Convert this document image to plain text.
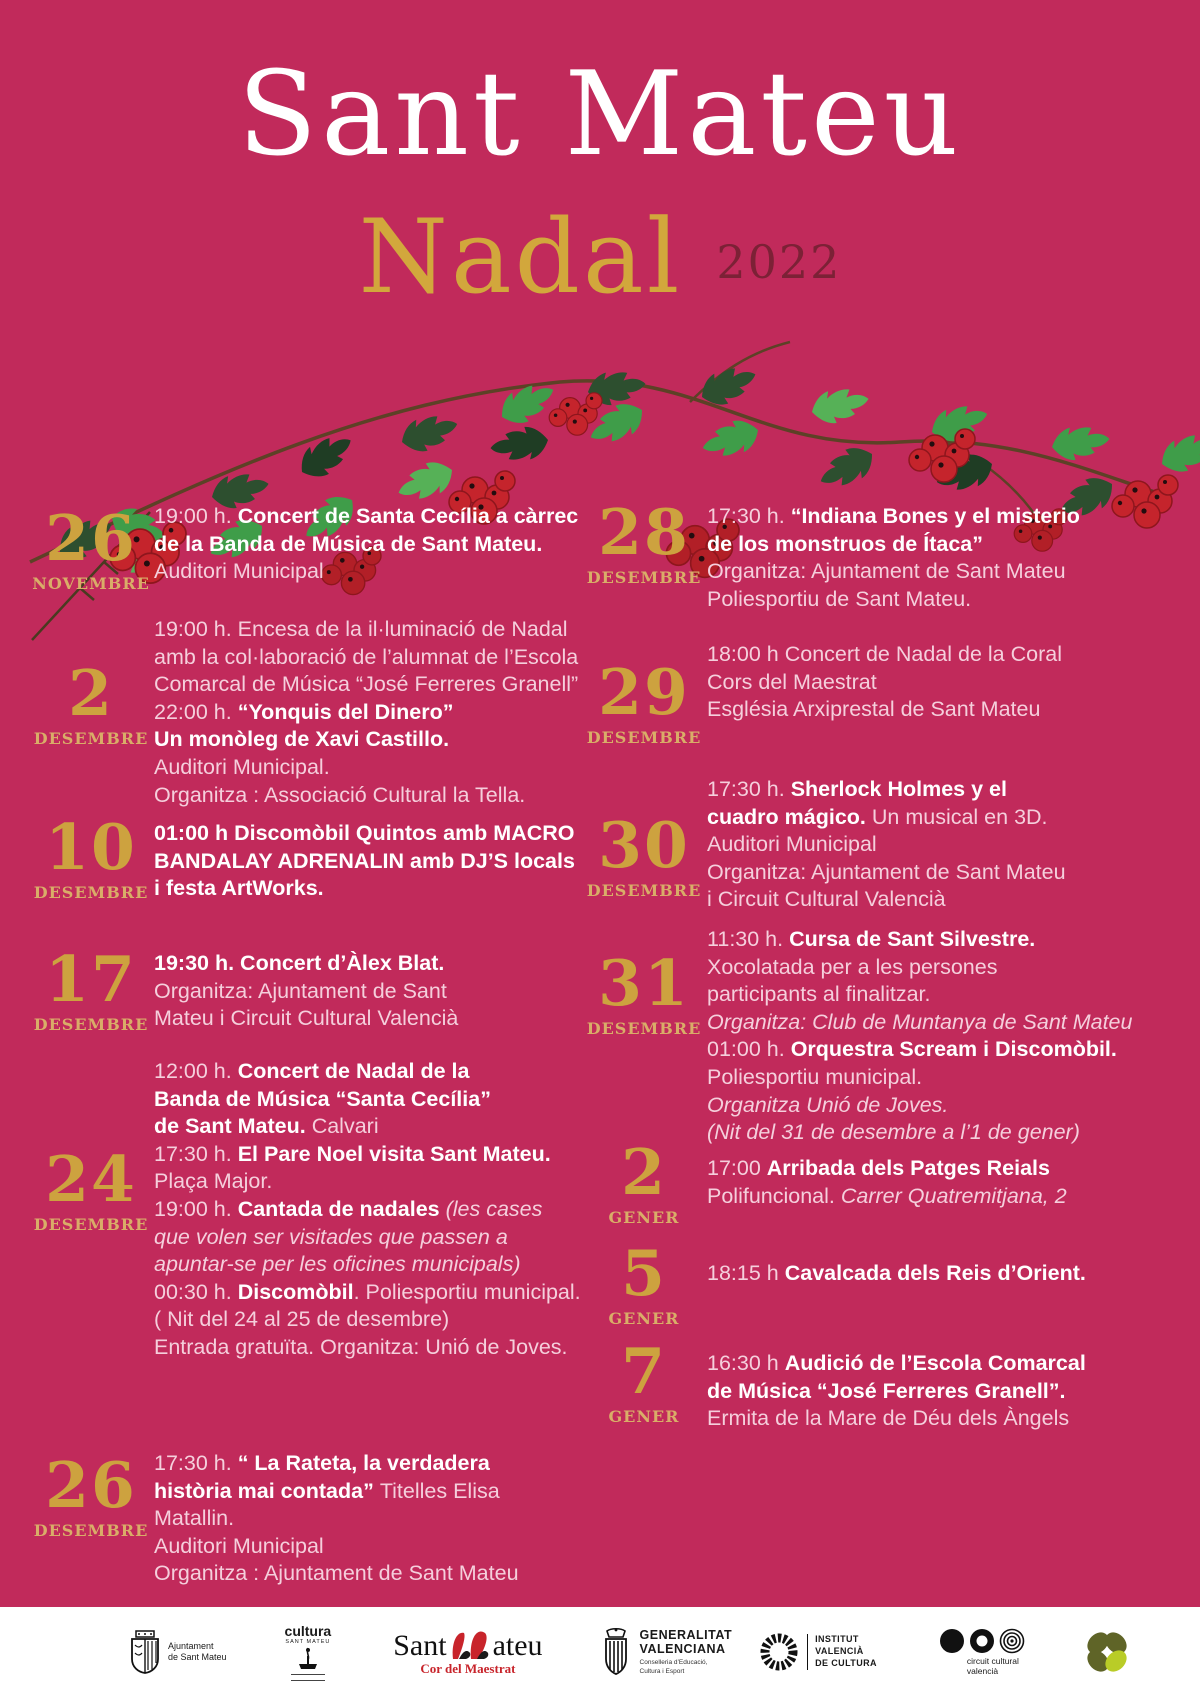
Sant Mateu
Nadal 2022
26
NOVEMBRE
19:00 h. Concert de Santa Cecília a càrrec
de la Banda de Música de Sant Mateu.
Auditori Municipal
2
DESEMBRE
19:00 h. Encesa de la il·luminació de Nadal
amb la col·laboració de l’alumnat de l’Escola
Comarcal de Música “José Ferreres Granell”
22:00 h. “Yonquis del Dinero”
Un monòleg de Xavi Castillo.
Auditori Municipal.
Organitza : Associació Cultural la Tella.
10
DESEMBRE
01:00 h Discomòbil Quintos amb MACRO
BANDALAY ADRENALIN amb DJ’S locals
i festa ArtWorks.
17
DESEMBRE
19:30 h. Concert d’Àlex Blat.
Organitza: Ajuntament de Sant
Mateu i Circuit Cultural Valencià
24
DESEMBRE
12:00 h. Concert de Nadal de la
Banda de Música “Santa Cecília”
de Sant Mateu. Calvari
17:30 h. El Pare Noel visita Sant Mateu.
Plaça Major.
19:00 h. Cantada de nadales (les cases
que volen ser visitades que passen a
apuntar-se per les oficines municipals)
00:30 h. Discomòbil. Poliesportiu municipal.
( Nit del 24 al 25 de desembre)
Entrada gratuïta. Organitza: Unió de Joves.
26
DESEMBRE
17:30 h. “ La Rateta, la verdadera
història mai contada” Titelles Elisa Matallin.
Auditori Municipal
Organitza : Ajuntament de Sant Mateu
28
DESEMBRE
17:30 h. “Indiana Bones y el misterio
de los monstruos de Ítaca”
Organitza: Ajuntament de Sant Mateu
Poliesportiu de Sant Mateu.
29
DESEMBRE
18:00 h Concert de Nadal de la Coral
Cors del Maestrat
Església Arxiprestal de Sant Mateu
30
DESEMBRE
17:30 h. Sherlock Holmes y el
cuadro mágico. Un musical en 3D.
Auditori Municipal
Organitza: Ajuntament de Sant Mateu
i Circuit Cultural Valencià
31
DESEMBRE
11:30 h. Cursa de Sant Silvestre.
Xocolatada per a les persones
participants al finalitzar.
Organitza: Club de Muntanya de Sant Mateu
01:00 h. Orquestra Scream i Discomòbil.
Poliesportiu municipal.
Organitza Unió de Joves.
(Nit del 31 de desembre a l’1 de gener)
2
GENER
17:00 Arribada dels Patges Reials
Polifuncional. Carrer Quatremitjana, 2
5
GENER
18:15 h Cavalcada dels Reis d’Orient.
7
GENER
16:30 h Audició de l’Escola Comarcal
de Música “José Ferreres Granell”.
Ermita de la Mare de Déu dels Àngels
Ajuntament
de Sant Mateu
cultura
SANT MATEU Sant ateu
Cor del Maestrat
GENERALITAT
VALENCIANA
Conselleria d’Educació,
Cultura i Esport
INSTITUT
VALENCIÀ
DE CULTURA	circuit cultural
valencià
